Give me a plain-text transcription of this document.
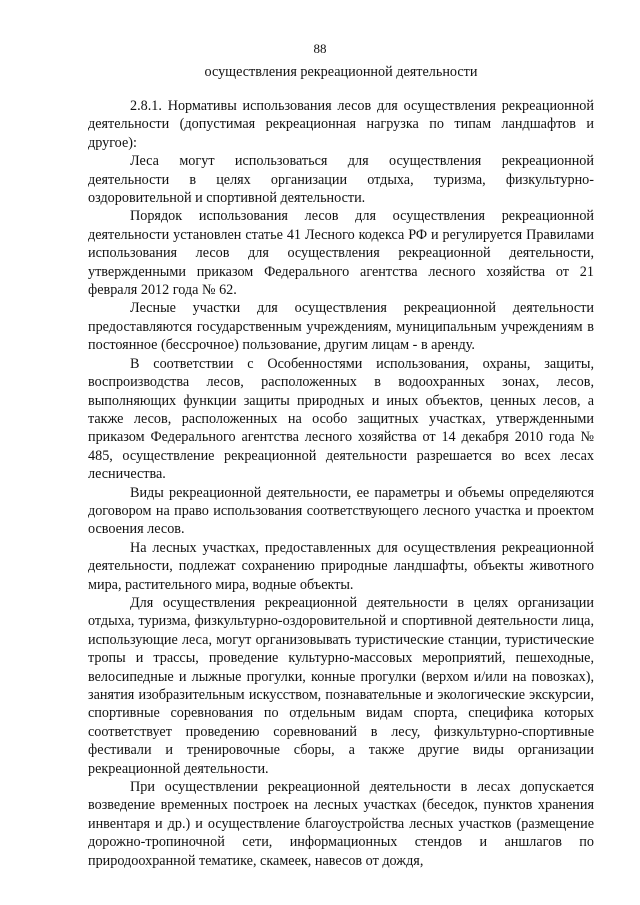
88
осуществления рекреационной деятельности

2.8.1. Нормативы использования лесов для осуществления рекреационной деятельности (допустимая рекреационная нагрузка по типам ландшафтов и другое):

Леса могут использоваться для осуществления рекреационной деятельности в целях организации отдыха, туризма, физкультурно-оздоровительной и спортивной деятельности.

Порядок использования лесов для осуществления рекреационной деятельности установлен статье 41 Лесного кодекса РФ и регулируется Правилами использования лесов для осуществления рекреационной деятельности, утвержденными приказом Федерального агентства лесного хозяйства от 21 февраля 2012 года № 62.

Лесные участки для осуществления рекреационной деятельности предоставляются государственным учреждениям, муниципальным учреждениям в постоянное (бессрочное) пользование, другим лицам - в аренду.

В соответствии с Особенностями использования, охраны, защиты, воспроизводства лесов, расположенных в водоохранных зонах, лесов, выполняющих функции защиты природных и иных объектов, ценных лесов, а также лесов, расположенных на особо защитных участках, утвержденными приказом Федерального агентства лесного хозяйства от 14 декабря 2010 года № 485, осуществление рекреационной деятельности разрешается во всех лесах лесничества.

Виды рекреационной деятельности, ее параметры и объемы определяются договором на право использования соответствующего лесного участка и проектом освоения лесов.

На лесных участках, предоставленных для осуществления рекреационной деятельности, подлежат сохранению природные ландшафты, объекты животного мира, растительного мира, водные объекты.

Для осуществления рекреационной деятельности в целях организации отдыха, туризма, физкультурно-оздоровительной и спортивной деятельности лица, использующие леса, могут организовывать туристические станции, туристические тропы и трассы, проведение культурно-массовых мероприятий, пешеходные, велосипедные и лыжные прогулки, конные прогулки (верхом и/или на повозках), занятия изобразительным искусством, познавательные и экологические экскурсии, спортивные соревнования по отдельным видам спорта, специфика которых соответствует проведению соревнований в лесу, физкультурно-спортивные фестивали и тренировочные сборы, а также другие виды организации рекреационной деятельности.

При осуществлении рекреационной деятельности в лесах допускается возведение временных построек на лесных участках (беседок, пунктов хранения инвентаря и др.) и осуществление благоустройства лесных участков (размещение дорожно-тропиночной сети, информационных стендов и аншлагов по природоохранной тематике, скамеек, навесов от дождя,
